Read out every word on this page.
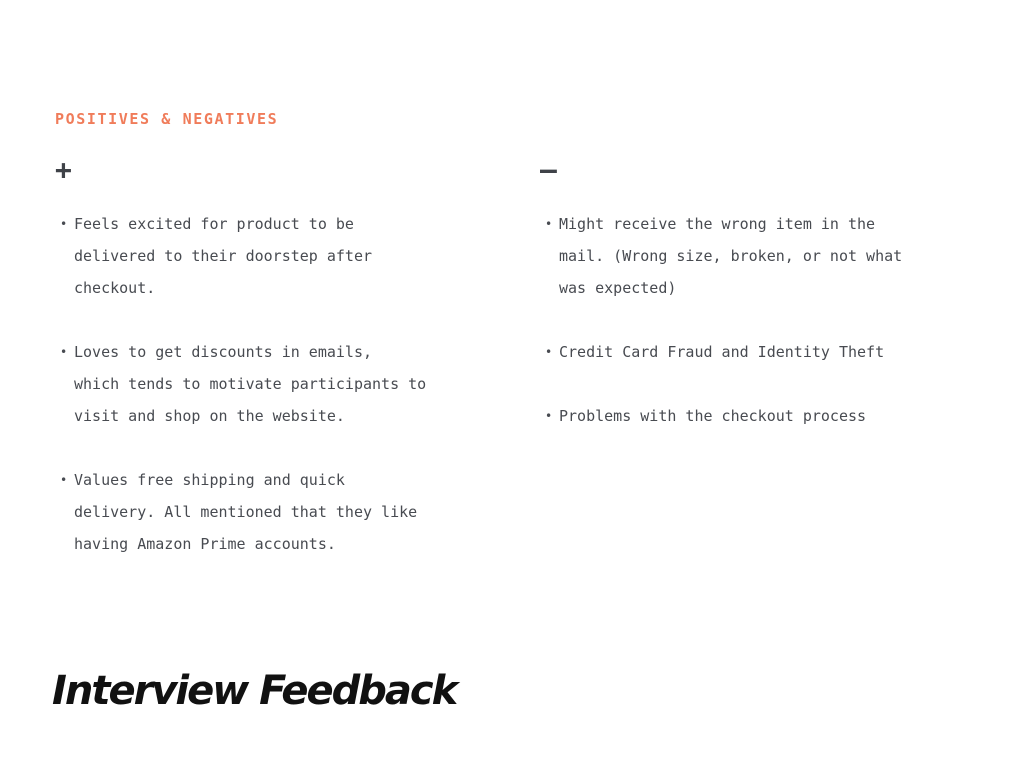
POSITIVES & NEGATIVES
+
• Feels excited for product to be
delivered to their doorstep after
checkout.
• Loves to get discounts in emails,
which tends to motivate participants to
visit and shop on the website.
• Values free shipping and quick
delivery. All mentioned that they like
having Amazon Prime accounts.
–
• Might receive the wrong item in the
mail. (Wrong size, broken, or not what
was expected)
• Credit Card Fraud and Identity Theft
• Problems with the checkout process
Interview Feedback
